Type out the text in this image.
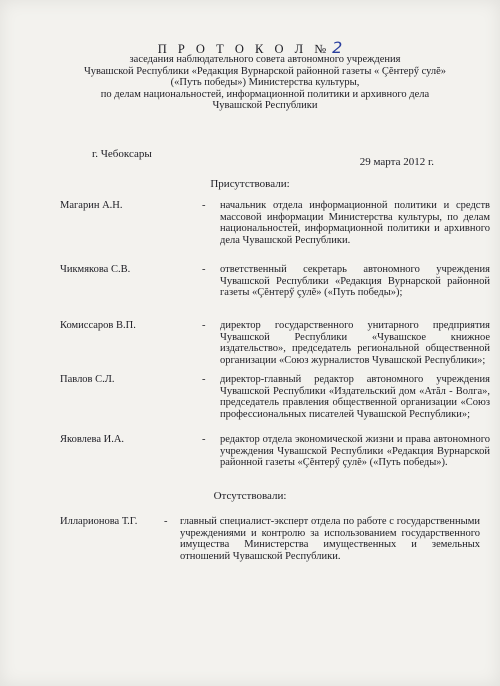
П Р О Т О К О Л № 2
заседания наблюдательного совета автономного учреждения
Чувашской Республики «Редакция Вурнарской районной газеты « Çĕнтерӳ сулĕ»
(«Путь победы») Министерства культуры,
по делам национальностей, информационной политики и архивного дела
Чувашской Республики
г. Чебоксары
29 марта 2012 г.
Присутствовали:
Магарин А.Н.	- начальник отдела информационной политики и средств массовой информации Министерства культуры, по делам национальностей, информационной политики и архивного дела Чувашской Республики.
Чикмякова С.В.	- ответственный секретарь автономного учреждения Чувашской Республики «Редакция Вурнарской районной газеты «Çĕнтерӳ çулĕ» («Путь победы»);
Комиссаров В.П.	- директор государственного унитарного предприятия Чувашской Республики «Чувашское книжное издательство», председатель региональной общественной организации «Союз журналистов Чувашской Республики»;
Павлов С.Л.	- директор-главный редактор автономного учреждения Чувашской Республики «Издательский дом «Атăл - Волга», председатель правления общественной организации «Союз профессиональных писателей Чувашской Республики»;
Яковлева И.А.	- редактор отдела экономической жизни и права автономного учреждения Чувашской Республики «Редакция Вурнарской районной газеты «Çĕнтерӳ çулĕ» («Путь победы»).
Отсутствовали:
Илларионова Т.Г.	- главный специалист-эксперт отдела по работе с государственными учреждениями и контролю за использованием государственного имущества Министерства имущественных и земельных отношений Чувашской Республики.
